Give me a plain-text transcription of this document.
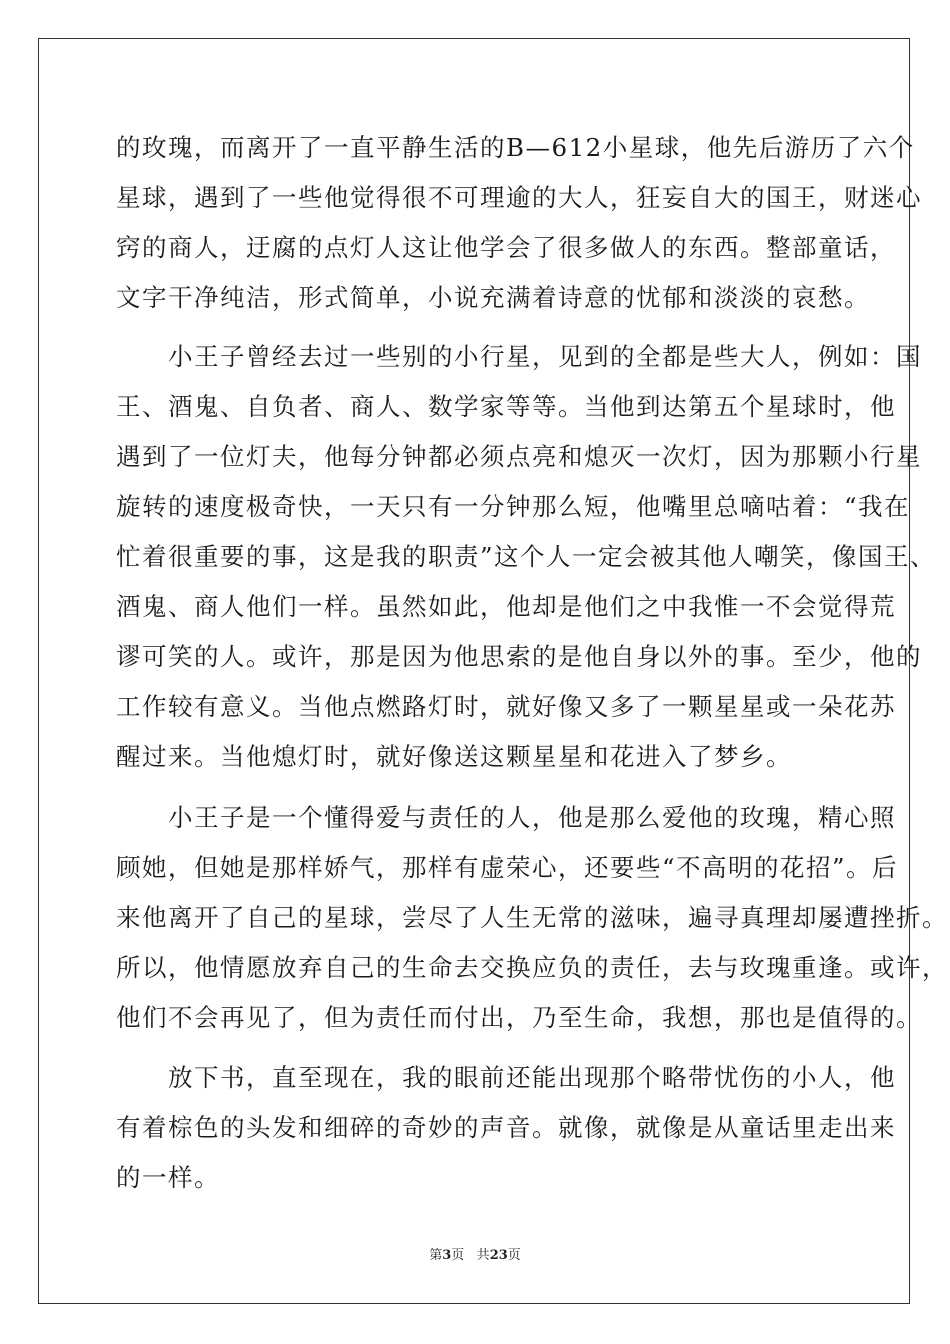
的玫瑰，而离开了一直平静生活的B—612小星球，他先后游历了六个
星球，遇到了一些他觉得很不可理逾的大人，狂妄自大的国王，财迷心
窍的商人，迂腐的点灯人这让他学会了很多做人的东西。整部童话，
文字干净纯洁，形式简单，小说充满着诗意的忧郁和淡淡的哀愁。
　　小王子曾经去过一些别的小行星，见到的全都是些大人，例如：国
王、酒鬼、自负者、商人、数学家等等。当他到达第五个星球时，他
遇到了一位灯夫，他每分钟都必须点亮和熄灭一次灯，因为那颗小行星
旋转的速度极奇快，一天只有一分钟那么短，他嘴里总嘀咕着：“我在
忙着很重要的事，这是我的职责”这个人一定会被其他人嘲笑，像国王、
酒鬼、商人他们一样。虽然如此，他却是他们之中我惟一不会觉得荒
谬可笑的人。或许，那是因为他思索的是他自身以外的事。至少，他的
工作较有意义。当他点燃路灯时，就好像又多了一颗星星或一朵花苏
醒过来。当他熄灯时，就好像送这颗星星和花进入了梦乡。
　　小王子是一个懂得爱与责任的人，他是那么爱他的玫瑰，精心照
顾她，但她是那样娇气，那样有虚荣心，还要些“不高明的花招”。后
来他离开了自己的星球，尝尽了人生无常的滋味，遍寻真理却屡遭挫折。
所以，他情愿放弃自己的生命去交换应负的责任，去与玫瑰重逢。或许，
他们不会再见了，但为责任而付出，乃至生命，我想，那也是值得的。
　　放下书，直至现在，我的眼前还能出现那个略带忧伤的小人，他
有着棕色的头发和细碎的奇妙的声音。就像，就像是从童话里走出来
的一样。
第3页 共23页
